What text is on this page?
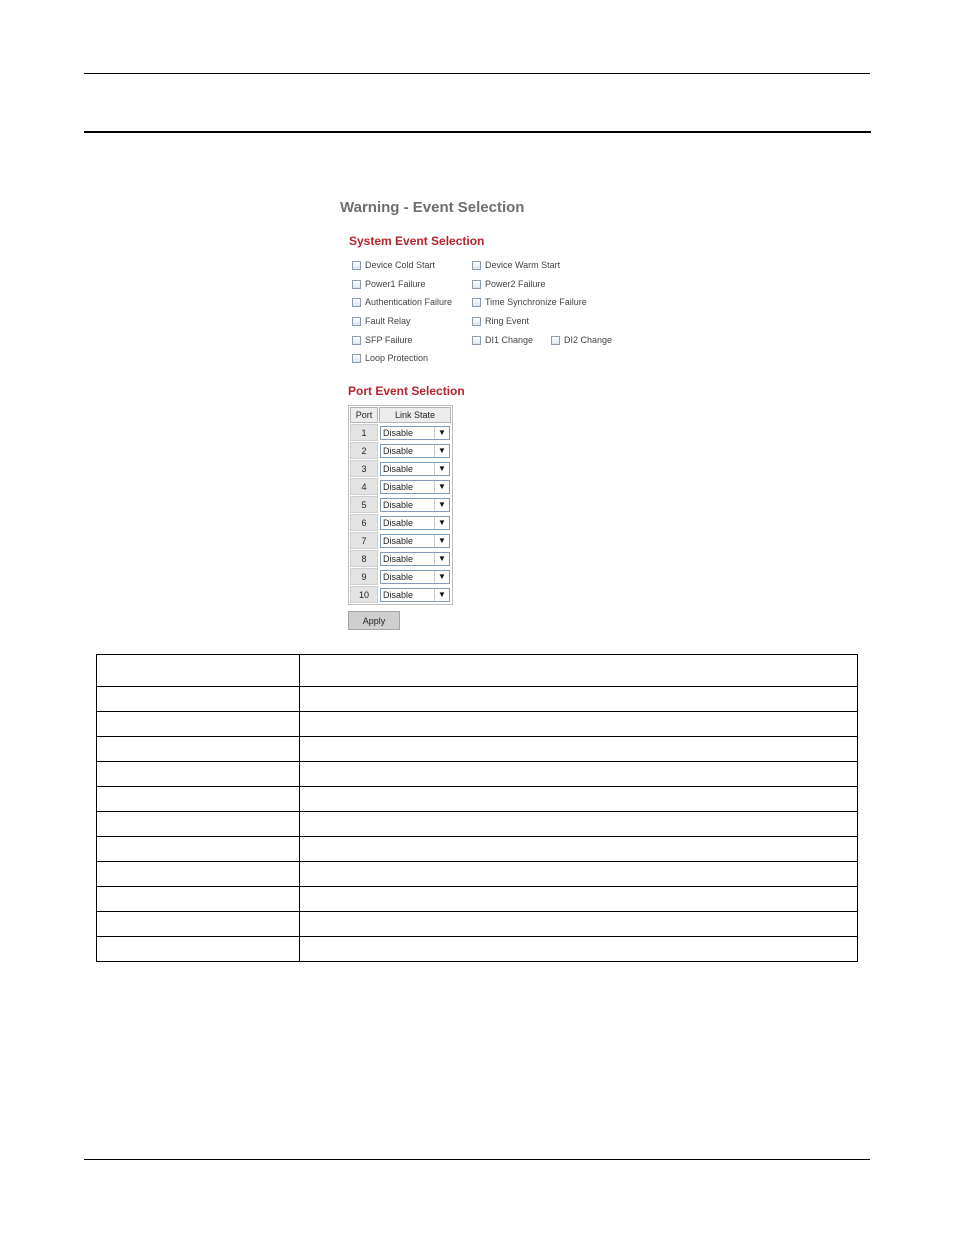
Warning - Event Selection
System Event Selection
Device Cold Start	Device Warm Start
Power1 Failure	Power2 Failure
Authentication Failure	Time Synchronize Failure
Fault Relay	Ring Event
SFP Failure	DI1 Change	DI2 Change
Loop Protection
Port Event Selection
Port	Link State
1	Disable ▼

2	Disable ▼

3	Disable ▼

4	Disable ▼

5	Disable ▼

6	Disable ▼

7	Disable ▼

8	Disable ▼

9	Disable ▼

10	Disable ▼
Apply
